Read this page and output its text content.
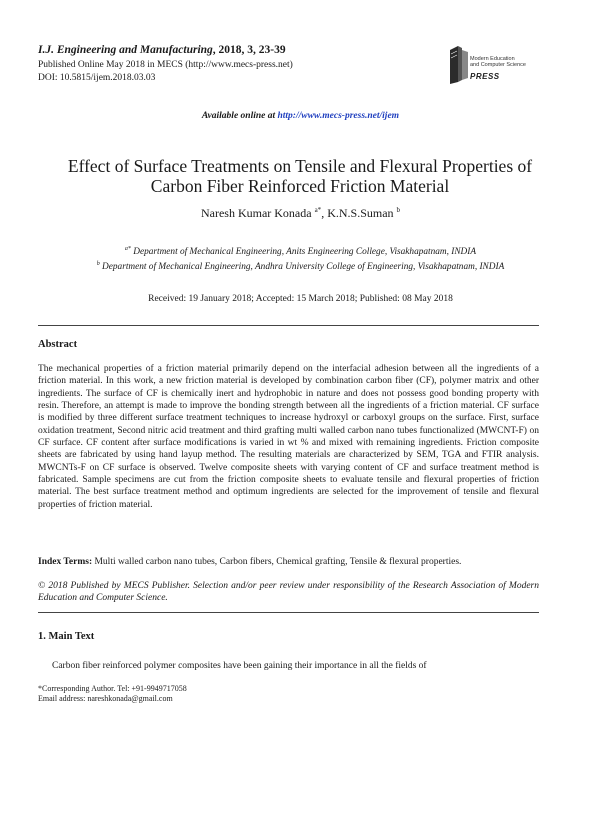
I.J. Engineering and Manufacturing, 2018, 3, 23-39
Published Online May 2018 in MECS (http://www.mecs-press.net)
DOI: 10.5815/ijem.2018.03.03
Modern Education
and Computer Science
PRESS
Available online at http://www.mecs-press.net/ijem
Effect of Surface Treatments on Tensile and Flexural Properties of Carbon Fiber Reinforced Friction Material
Naresh Kumar Konada $^{a*}$, K.N.S.Suman $^b$
$^{a*}$ Department of Mechanical Engineering, Anits Engineering College, Visakhapatnam, INDIA
$^b$ Department of Mechanical Engineering, Andhra University College of Engineering, Visakhapatnam, INDIA
Received: 19 January 2018; Accepted: 15 March 2018; Published: 08 May 2018
Abstract
The mechanical properties of a friction material primarily depend on the interfacial adhesion between all the ingredients of a friction material. In this work, a new friction material is developed by combination carbon fiber (CF), polymer matrix and other ingredients. The surface of CF is chemically inert and hydrophobic in nature and does not possess good bonding property with resin. Therefore, an attempt is made to improve the bonding strength between all the ingredients of a friction material. CF surface is modified by three different surface treatment techniques to increase hydroxyl or carboxyl groups on the surface. First, surface oxidation treatment, Second nitric acid treatment and third grafting multi walled carbon nano tubes functionalized (MWCNT-F) on CF surface. CF content after surface modifications is varied in wt % and mixed with remaining ingredients. Friction composite sheets are fabricated by using hand layup method. The resulting materials are characterized by SEM, TGA and FTIR analysis. MWCNTs-F on CF surface is observed. Twelve composite sheets with varying content of CF and surface treatment method is fabricated. Sample specimens are cut from the friction composite sheets to evaluate tensile and flexural properties of friction material. The best surface treatment method and optimum ingredients are selected for the improvement of tensile and flexural properties of friction material.
Index Terms: Multi walled carbon nano tubes, Carbon fibers, Chemical grafting, Tensile & flexural properties.
© 2018 Published by MECS Publisher. Selection and/or peer review under responsibility of the Research Association of Modern Education and Computer Science.
1. Main Text
Carbon fiber reinforced polymer composites have been gaining their importance in all the fields of
*Corresponding Author. Tel: +91-9949717058
Email address: nareshkonada@gmail.com
